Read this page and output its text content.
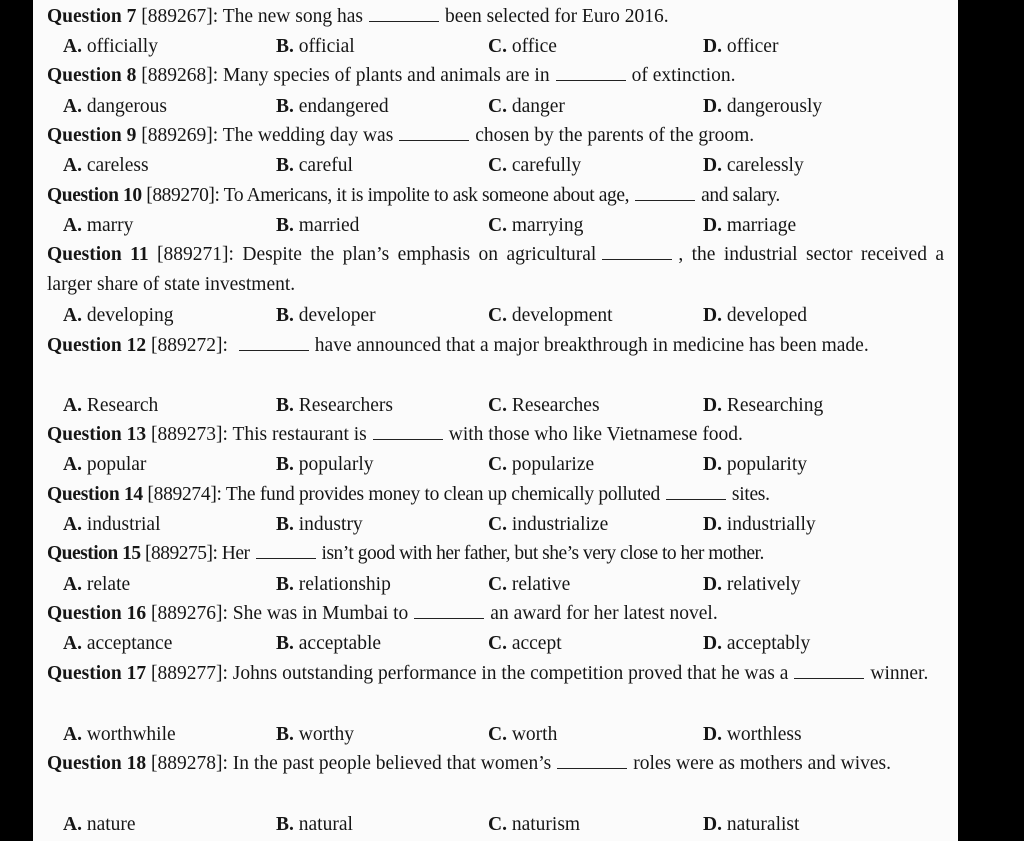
Question 7 [889267]: The new song has	been selected for Euro 2016.
A. officially	B. official	C. office	D. officer
Question 8 [889268]: Many species of plants and animals are in	of extinction.
A. dangerous	B. endangered	C. danger	D. dangerously
Question 9 [889269]: The wedding day was	chosen by the parents of the groom.
A. careless	B. careful	C. carefully	D. carelessly
Question 10 [889270]: To Americans, it is impolite to ask someone about age,	and salary.
A. marry	B. married	C. marrying	D. marriage
Question 11 [889271]: Despite the plan’s emphasis on agricultural	, the industrial sector received a larger share of state investment.
A. developing	B. developer	C. development	D. developed
Question 12 [889272]:	have announced that a major breakthrough in medicine has been made.
A. Research	B. Researchers	C. Researches	D. Researching
Question 13 [889273]: This restaurant is	with those who like Vietnamese food.
A. popular	B. popularly	C. popularize	D. popularity
Question 14 [889274]: The fund provides money to clean up chemically polluted	sites.
A. industrial	B. industry	C. industrialize	D. industrially
Question 15 [889275]: Her	isn’t good with her father, but she’s very close to her mother.
A. relate	B. relationship	C. relative	D. relatively
Question 16 [889276]: She was in Mumbai to	an award for her latest novel.
A. acceptance	B. acceptable	C. accept	D. acceptably
Question 17 [889277]: Johns outstanding performance in the competition proved that he was a	winner.
A. worthwhile	B. worthy	C. worth	D. worthless
Question 18 [889278]: In the past people believed that women’s	roles were as mothers and wives.
A. nature	B. natural	C. naturism	D. naturalist
